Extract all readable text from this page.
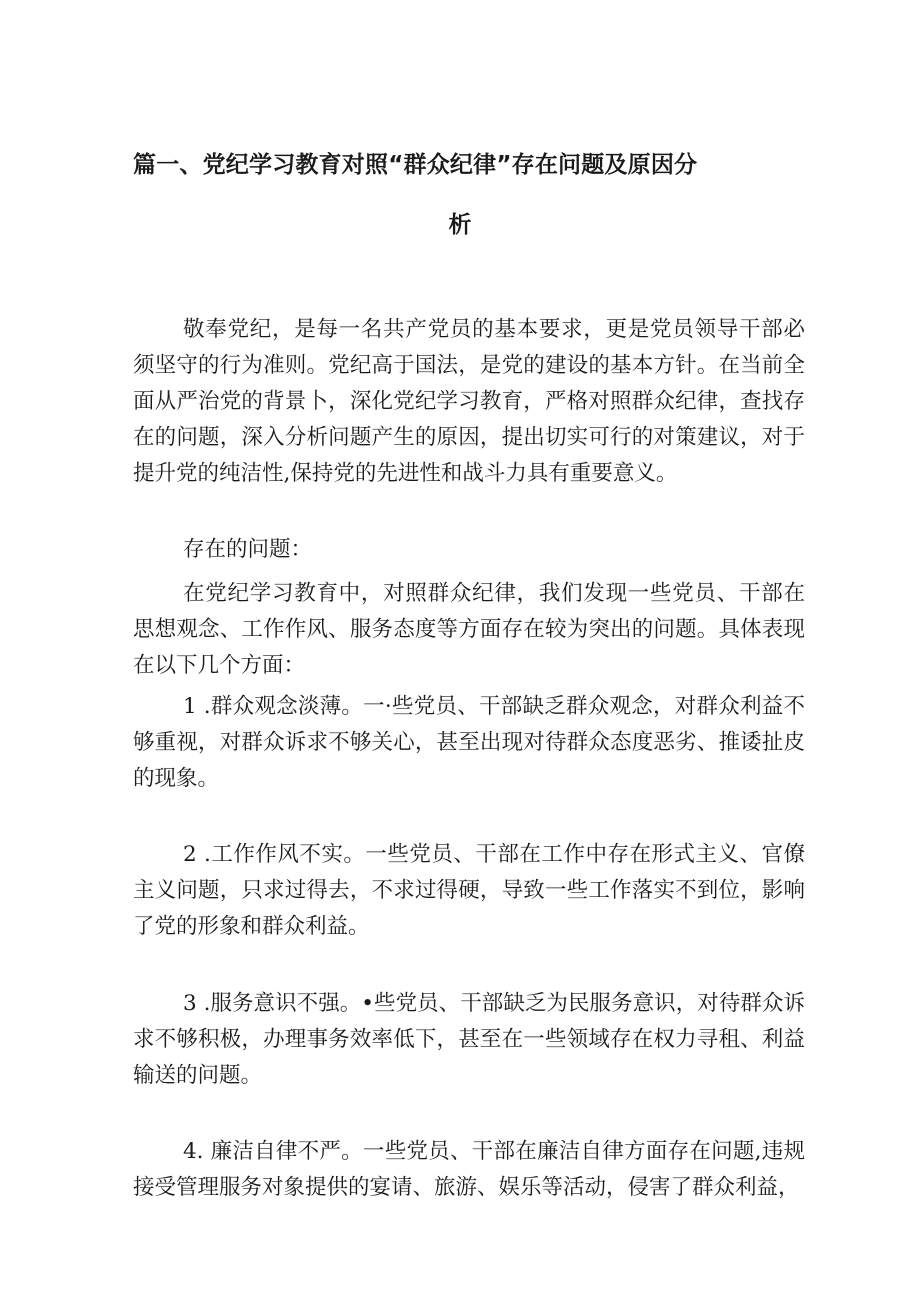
篇一、党纪学习教育对照“群众纪律”存在问题及原因分
析

敬奉党纪，是每一名共产党员的基本要求，更是党员领导干部必须坚守的行为准则。党纪高于国法，是党的建设的基本方针。在当前全面从严治党的背景卜，深化党纪学习教育，严格对照群众纪律，查找存在的问题，深入分析问题产生的原因，提出切实可行的对策建议，对于提升党的纯洁性,保持党的先进性和战斗力具有重要意义。

存在的问题：

在党纪学习教育中，对照群众纪律，我们发现一些党员、干部在思想观念、工作作风、服务态度等方面存在较为突出的问题。具体表现在以下几个方面：

1 .群众观念淡薄。一·些党员、干部缺乏群众观念，对群众利益不够重视，对群众诉求不够关心，甚至出现对待群众态度恶劣、推诿扯皮的现象。

2 .工作作风不实。一些党员、干部在工作中存在形式主义、官僚主义问题，只求过得去，不求过得硬，导致一些工作落实不到位，影响了党的形象和群众利益。

3 .服务意识不强。•些党员、干部缺乏为民服务意识，对待群众诉求不够积极，办理事务效率低下，甚至在一些领域存在权力寻租、利益输送的问题。

4. 廉洁自律不严。一些党员、干部在廉洁自律方面存在问题,违规接受管理服务对象提供的宴请、旅游、娱乐等活动，侵害了群众利益，
